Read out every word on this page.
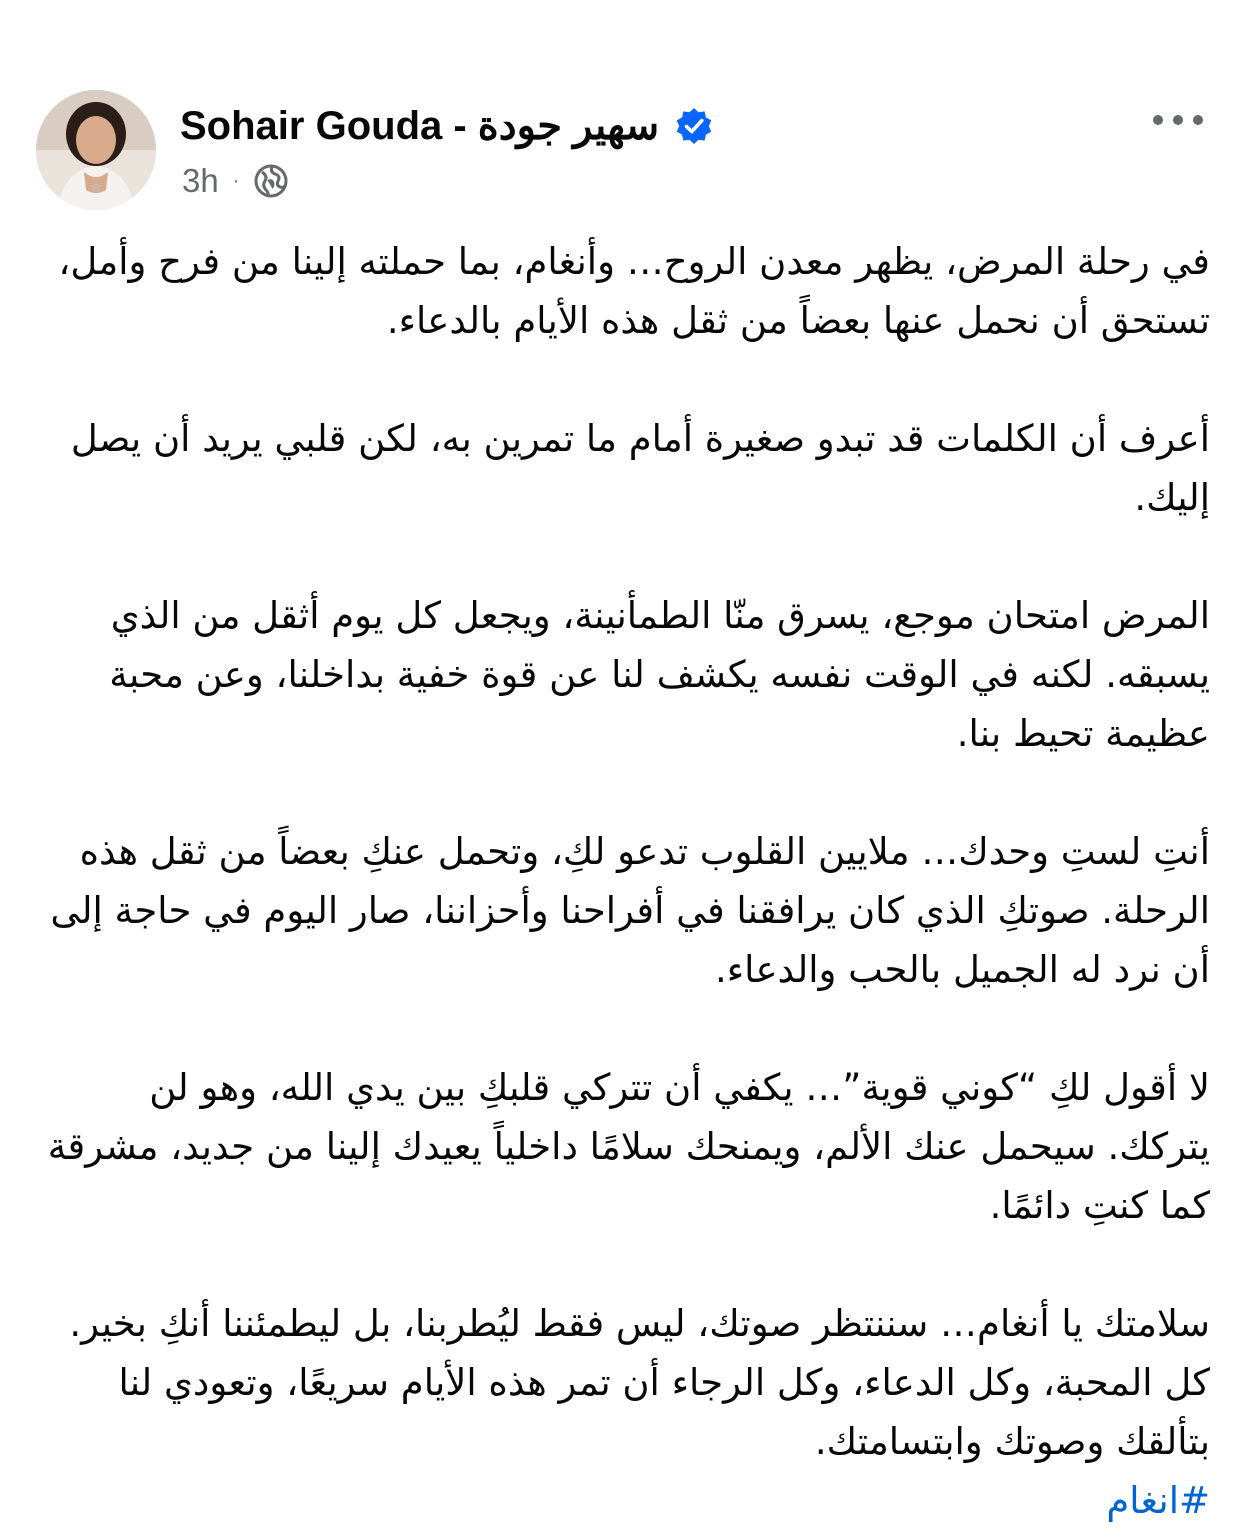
Sohair Gouda - سهير جودة
3h ·

في رحلة المرض، يظهر معدن الروح… وأنغام، بما حملته إلينا من فرح وأمل، تستحق أن نحمل عنها بعضاً من ثقل هذه الأيام بالدعاء.

أعرف أن الكلمات قد تبدو صغيرة أمام ما تمرين به، لكن قلبي يريد أن يصل إليك.

المرض امتحان موجع، يسرق منّا الطمأنينة، ويجعل كل يوم أثقل من الذي يسبقه. لكنه في الوقت نفسه يكشف لنا عن قوة خفية بداخلنا، وعن محبة عظيمة تحيط بنا.

أنتِ لستِ وحدك… ملايين القلوب تدعو لكِ، وتحمل عنكِ بعضاً من ثقل هذه الرحلة. صوتكِ الذي كان يرافقنا في أفراحنا وأحزاننا، صار اليوم في حاجة إلى أن نرد له الجميل بالحب والدعاء.

لا أقول لكِ “كوني قوية”… يكفي أن تتركي قلبكِ بين يدي الله، وهو لن يتركك. سيحمل عنك الألم، ويمنحك سلامًا داخلياً يعيدك إلينا من جديد، مشرقة كما كنتِ دائمًا.

سلامتك يا أنغام… سننتظر صوتك، ليس فقط ليُطربنا، بل ليطمئننا أنكِ بخير.

كل المحبة، وكل الدعاء، وكل الرجاء أن تمر هذه الأيام سريعًا، وتعودي لنا بتألقك وصوتك وابتسامتك.

#انغام
